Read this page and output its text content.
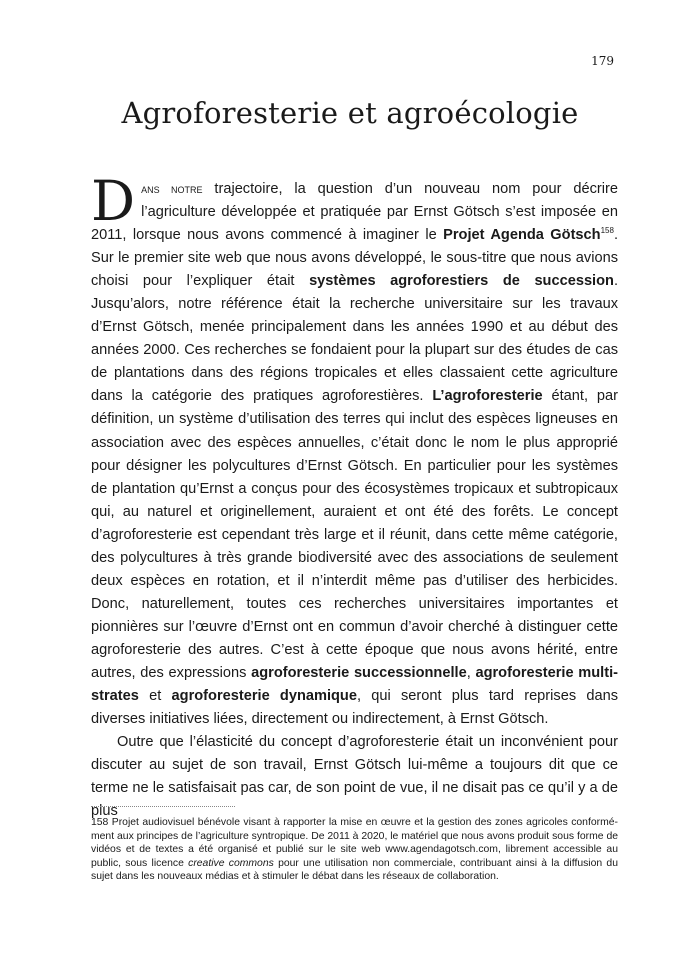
179
Agroforesterie et agroécologie

Dans notre trajectoire, la question d’un nouveau nom pour décrire l’agriculture développée et pratiquée par Ernst Götsch s’est imposée en 2011, lorsque nous avons commencé à imaginer le Projet Agenda Götsch$^{158}$. Sur le premier site web que nous avons développé, le sous-titre que nous avions choisi pour l’expliquer était systèmes agroforestiers de succession. Jusqu’alors, notre référence était la recherche universitaire sur les travaux d’Ernst Götsch, menée principalement dans les années 1990 et au début des années 2000. Ces recherches se fondaient pour la plupart sur des études de cas de plantations dans des régions tropicales et elles classaient cette agriculture dans la catégorie des pratiques agroforestières. L’agroforesterie étant, par définition, un système d’utilisation des terres qui inclut des espèces ligneuses en association avec des espèces annuelles, c’était donc le nom le plus approprié pour désigner les polycultures d’Ernst Götsch. En particulier pour les systèmes de plantation qu’Ernst a conçus pour des écosystèmes tropicaux et subtropicaux qui, au naturel et originellement, auraient et ont été des forêts. Le concept d’agroforesterie est cependant très large et il réunit, dans cette même catégorie, des polycultures à très grande biodiversité avec des associations de seulement deux espèces en rotation, et il n’interdit même pas d’utiliser des herbicides. Donc, naturellement, toutes ces recherches universitaires importantes et pionnières sur l’œuvre d’Ernst ont en commun d’avoir cherché à distinguer cette agroforesterie des autres. C’est à cette époque que nous avons hérité, entre autres, des expressions agroforesterie successionnelle, agroforesterie multi-strates et agroforesterie dynamique, qui seront plus tard reprises dans diverses initiatives liées, directement ou indirectement, à Ernst Götsch.

Outre que l’élasticité du concept d’agroforesterie était un inconvénient pour discuter au sujet de son travail, Ernst Götsch lui-même a toujours dit que ce terme ne le satisfaisait pas car, de son point de vue, il ne disait pas ce qu’il y a de plus

158 Projet audiovisuel bénévole visant à rapporter la mise en œuvre et la gestion des zones agricoles conformément aux principes de l’agriculture syntropique. De 2011 à 2020, le matériel que nous avons produit sous forme de vidéos et de textes a été organisé et publié sur le site web www.agendagotsch.com, librement accessible au public, sous licence creative commons pour une utilisation non commerciale, contribuant ainsi à la diffusion du sujet dans les nouveaux médias et à stimuler le débat dans les réseaux de collaboration.
